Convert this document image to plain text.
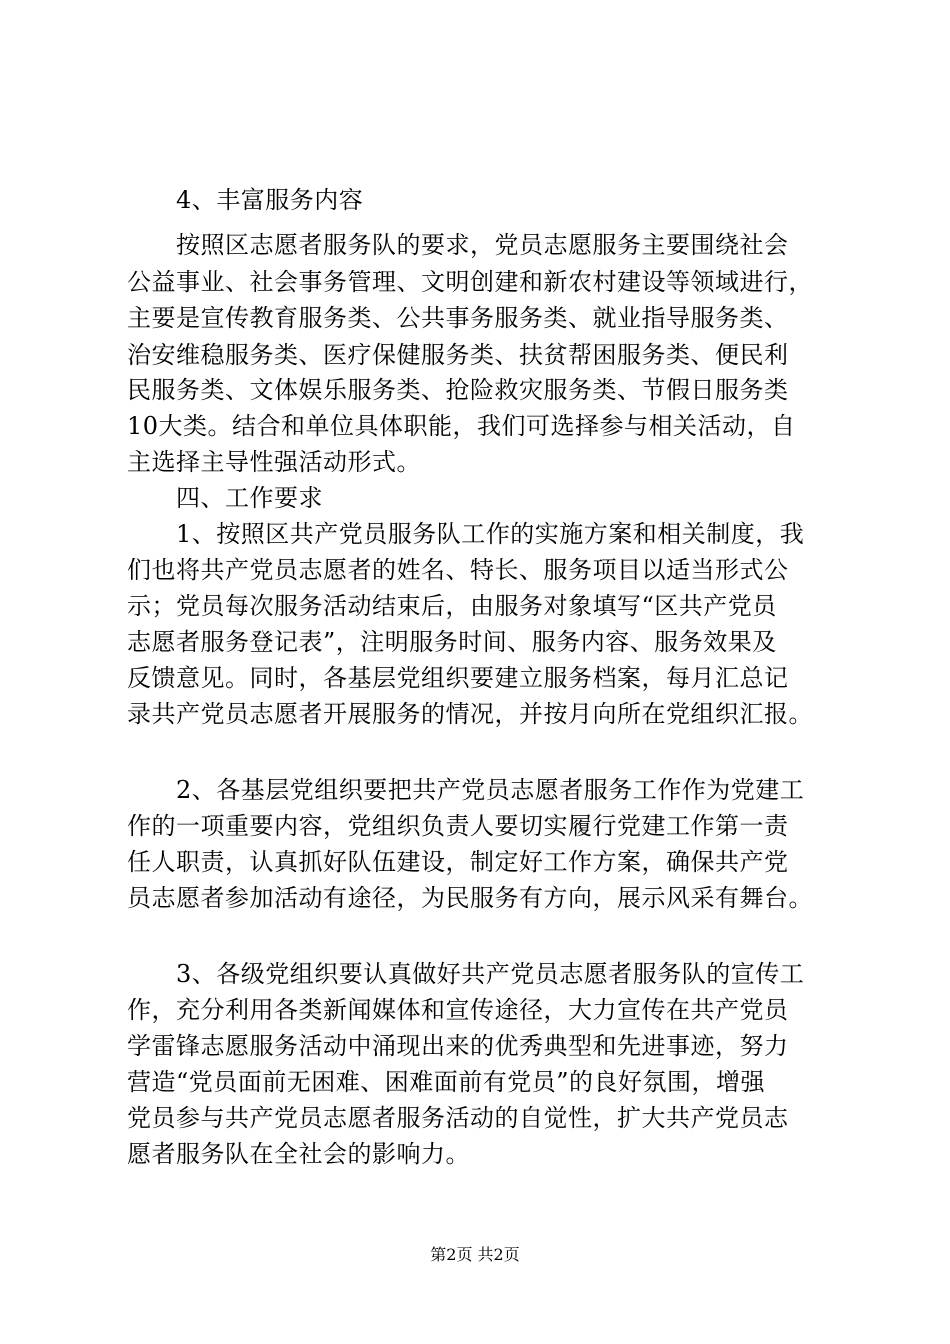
　　4、丰富服务内容
　　按照区志愿者服务队的要求，党员志愿服务主要围绕社会
公益事业、社会事务管理、文明创建和新农村建设等领域进行，
主要是宣传教育服务类、公共事务服务类、就业指导服务类、
治安维稳服务类、医疗保健服务类、扶贫帮困服务类、便民利
民服务类、文体娱乐服务类、抢险救灾服务类、节假日服务类
10大类。结合和单位具体职能，我们可选择参与相关活动，自
主选择主导性强活动形式。
　　四、工作要求
　　1、按照区共产党员服务队工作的实施方案和相关制度，我
们也将共产党员志愿者的姓名、特长、服务项目以适当形式公
示；党员每次服务活动结束后，由服务对象填写“区共产党员
志愿者服务登记表”，注明服务时间、服务内容、服务效果及
反馈意见。同时，各基层党组织要建立服务档案，每月汇总记
录共产党员志愿者开展服务的情况，并按月向所在党组织汇报。
　　2、各基层党组织要把共产党员志愿者服务工作作为党建工
作的一项重要内容，党组织负责人要切实履行党建工作第一责
任人职责，认真抓好队伍建设，制定好工作方案，确保共产党
员志愿者参加活动有途径，为民服务有方向，展示风采有舞台。
　　3、各级党组织要认真做好共产党员志愿者服务队的宣传工
作，充分利用各类新闻媒体和宣传途径，大力宣传在共产党员
学雷锋志愿服务活动中涌现出来的优秀典型和先进事迹，努力
营造“党员面前无困难、困难面前有党员”的良好氛围，增强
党员参与共产党员志愿者服务活动的自觉性，扩大共产党员志
愿者服务队在全社会的影响力。
第2页 共2页
